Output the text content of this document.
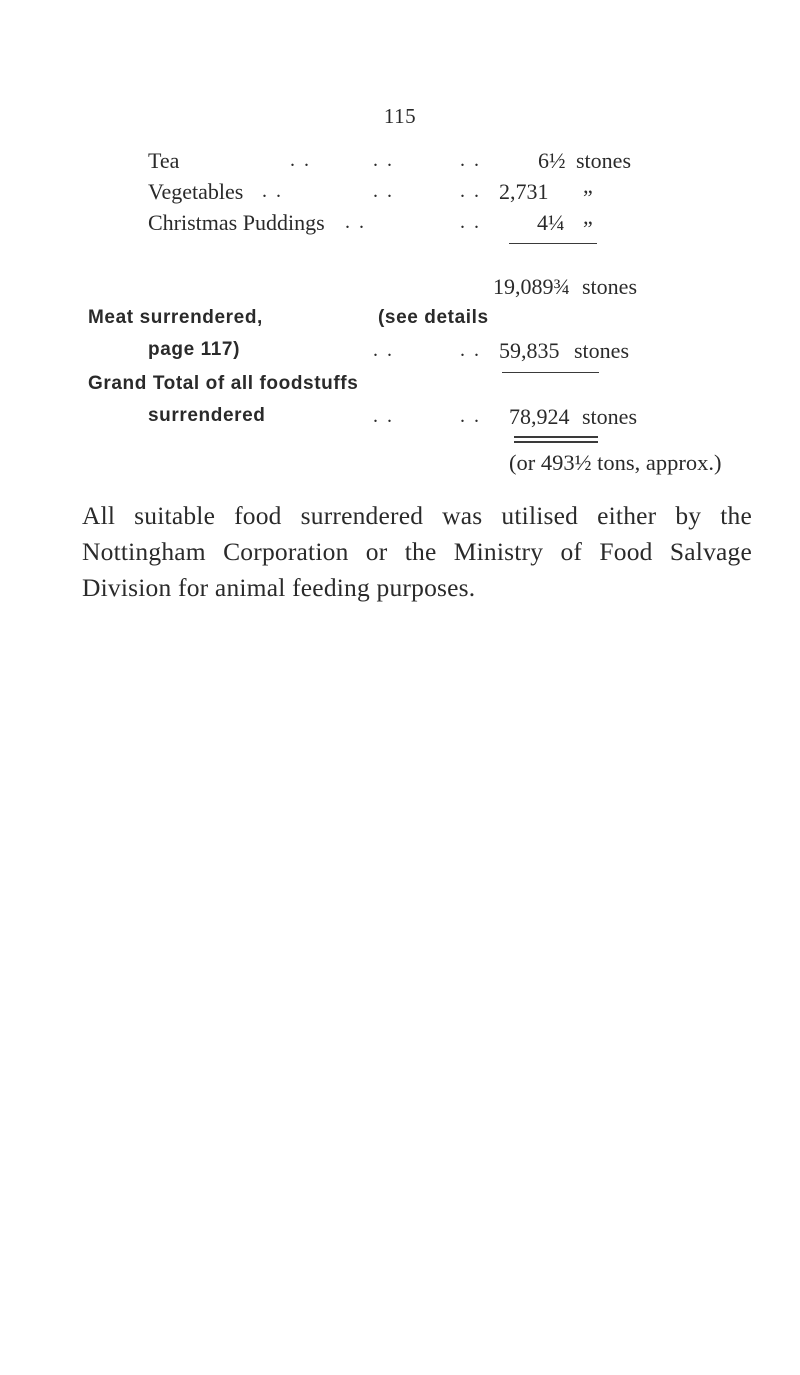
115
Tea	. .	. .	. .	6½ stones
Vegetables . .	. .	. . 2,731 „
Christmas Puddings . .	. .	4¼ „
19,089¾ stones
Meat surrendered,	(see details
page 117)	. .	. . 59,835 stones
Grand Total of all foodstuffs
surrendered	. .	. . 78,924 stones
(or 493½ tons, approx.)
All suitable food surrendered was utilised either by the
Nottingham Corporation or the Ministry of Food Salvage
Division for animal feeding purposes.
